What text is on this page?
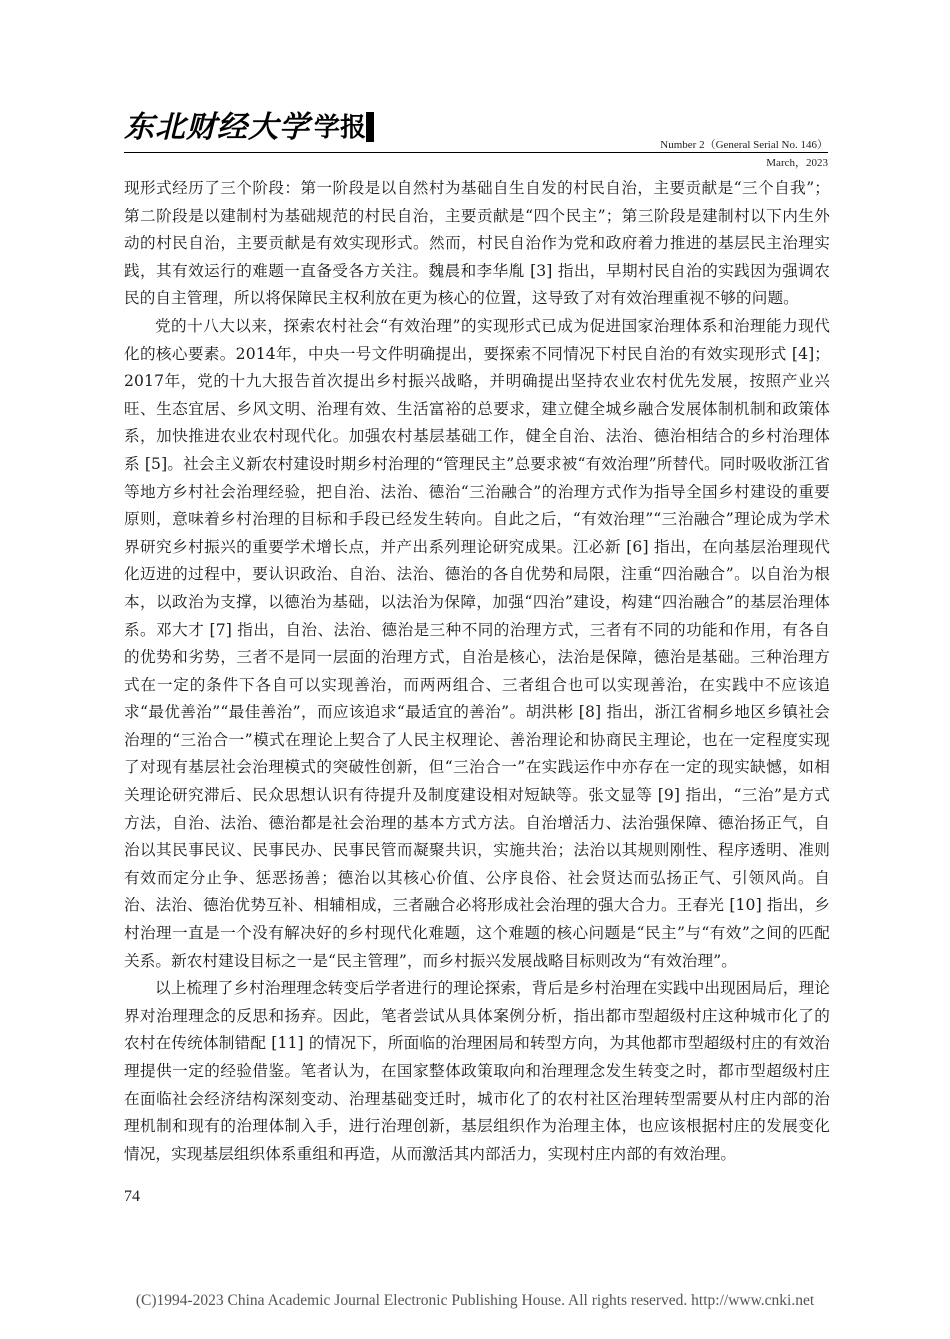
东北财经大学 学报
Number 2（General Serial No. 146）
March，2023

现形式经历了三个阶段：第一阶段是以自然村为基础自生自发的村民自治，主要贡献是“三个自我”；第二阶段是以建制村为基础规范的村民自治，主要贡献是“四个民主”；第三阶段是建制村以下内生外动的村民自治，主要贡献是有效实现形式。然而，村民自治作为党和政府着力推进的基层民主治理实践，其有效运行的难题一直备受各方关注。魏晨和李华胤 [3] 指出，早期村民自治的实践因为强调农民的自主管理，所以将保障民主权利放在更为核心的位置，这导致了对有效治理重视不够的问题。

党的十八大以来，探索农村社会“有效治理”的实现形式已成为促进国家治理体系和治理能力现代化的核心要素。2014年，中央一号文件明确提出，要探索不同情况下村民自治的有效实现形式 [4]；2017年，党的十九大报告首次提出乡村振兴战略，并明确提出坚持农业农村优先发展，按照产业兴旺、生态宜居、乡风文明、治理有效、生活富裕的总要求，建立健全城乡融合发展体制机制和政策体系，加快推进农业农村现代化。加强农村基层基础工作，健全自治、法治、德治相结合的乡村治理体系 [5]。社会主义新农村建设时期乡村治理的“管理民主”总要求被“有效治理”所替代。同时吸收浙江省等地方乡村社会治理经验，把自治、法治、德治“三治融合”的治理方式作为指导全国乡村建设的重要原则，意味着乡村治理的目标和手段已经发生转向。自此之后，“有效治理”“三治融合”理论成为学术界研究乡村振兴的重要学术增长点，并产出系列理论研究成果。江必新 [6] 指出，在向基层治理现代化迈进的过程中，要认识政治、自治、法治、德治的各自优势和局限，注重“四治融合”。以自治为根本，以政治为支撑，以德治为基础，以法治为保障，加强“四治”建设，构建“四治融合”的基层治理体系。邓大才 [7] 指出，自治、法治、德治是三种不同的治理方式，三者有不同的功能和作用，有各自的优势和劣势，三者不是同一层面的治理方式，自治是核心，法治是保障，德治是基础。三种治理方式在一定的条件下各自可以实现善治，而两两组合、三者组合也可以实现善治，在实践中不应该追求“最优善治”“最佳善治”，而应该追求“最适宜的善治”。胡洪彬 [8] 指出，浙江省桐乡地区乡镇社会治理的“三治合一”模式在理论上契合了人民主权理论、善治理论和协商民主理论，也在一定程度实现了对现有基层社会治理模式的突破性创新，但“三治合一”在实践运作中亦存在一定的现实缺憾，如相关理论研究滞后、民众思想认识有待提升及制度建设相对短缺等。张文显等 [9] 指出，“三治”是方式方法，自治、法治、德治都是社会治理的基本方式方法。自治增活力、法治强保障、德治扬正气，自治以其民事民议、民事民办、民事民管而凝聚共识，实施共治；法治以其规则刚性、程序透明、准则有效而定分止争、惩恶扬善；德治以其核心价值、公序良俗、社会贤达而弘扬正气、引领风尚。自治、法治、德治优势互补、相辅相成，三者融合必将形成社会治理的强大合力。王春光 [10] 指出，乡村治理一直是一个没有解决好的乡村现代化难题，这个难题的核心问题是“民主”与“有效”之间的匹配关系。新农村建设目标之一是“民主管理”，而乡村振兴发展战略目标则改为“有效治理”。

以上梳理了乡村治理理念转变后学者进行的理论探索，背后是乡村治理在实践中出现困局后，理论界对治理理念的反思和扬弃。因此，笔者尝试从具体案例分析，指出都市型超级村庄这种城市化了的农村在传统体制错配 [11] 的情况下，所面临的治理困局和转型方向，为其他都市型超级村庄的有效治理提供一定的经验借鉴。笔者认为，在国家整体政策取向和治理理念发生转变之时，都市型超级村庄在面临社会经济结构深刻变动、治理基础变迁时，城市化了的农村社区治理转型需要从村庄内部的治理机制和现有的治理体制入手，进行治理创新，基层组织作为治理主体，也应该根据村庄的发展变化情况，实现基层组织体系重组和再造，从而激活其内部活力，实现村庄内部的有效治理。

74
(C)1994-2023 China Academic Journal Electronic Publishing House. All rights reserved. http://www.cnki.net
